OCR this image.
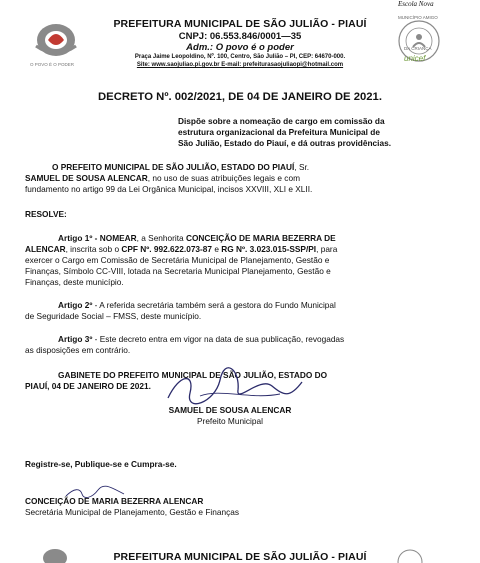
Escola Nova
O POVO É O PODER
MUNICÍPIO AMIGO
DA CRIANÇA
unicef
PREFEITURA MUNICIPAL DE SÃO JULIÃO - PIAUÍ
CNPJ: 06.553.846/0001—35
Adm.: O povo é o poder
Praça Jaime Leopoldino, Nº. 100, Centro, São Julião – PI, CEP: 64670-000.
Site: www.saojuliao.pi.gov.br E-mail: prefeiturasaojuliaopi@hotmail.com
DECRETO Nº. 002/2021, DE 04 DE JANEIRO DE 2021.
Dispõe sobre a nomeação de cargo em comissão da
estrutura organizacional da Prefeitura Municipal de
São Julião, Estado do Piauí, e dá outras providências.
O PREFEITO MUNICIPAL DE SÃO JULIÃO, ESTADO DO PIAUÍ, Sr.
SAMUEL DE SOUSA ALENCAR, no uso de suas atribuições legais e com
fundamento no artigo 99 da Lei Orgânica Municipal, incisos XXVIII, XLI e XLII.
RESOLVE:
Artigo 1º - NOMEAR, a Senhorita CONCEIÇÃO DE MARIA BEZERRA DE
ALENCAR, inscrita sob o CPF Nº. 992.622.073-87 e RG Nº. 3.023.015-SSP/PI, para
exercer o Cargo em Comissão de Secretária Municipal de Planejamento, Gestão e
Finanças, Símbolo CC-VIII, lotada na Secretaria Municipal Planejamento, Gestão e
Finanças, deste município.
Artigo 2º - A referida secretária também será a gestora do Fundo Municipal
de Seguridade Social – FMSS, deste município.
Artigo 3º - Este decreto entra em vigor na data de sua publicação, revogadas
as disposições em contrário.
GABINETE DO PREFEITO MUNICIPAL DE SÃO JULIÃO, ESTADO DO
PIAUÍ, 04 DE JANEIRO DE 2021.
SAMUEL DE SOUSA ALENCAR
Prefeito Municipal
Registre-se, Publique-se e Cumpra-se.
CONCEIÇÃO DE MARIA BEZERRA ALENCAR
Secretária Municipal de Planejamento, Gestão e Finanças
PREFEITURA MUNICIPAL DE SÃO JULIÃO - PIAUÍ
